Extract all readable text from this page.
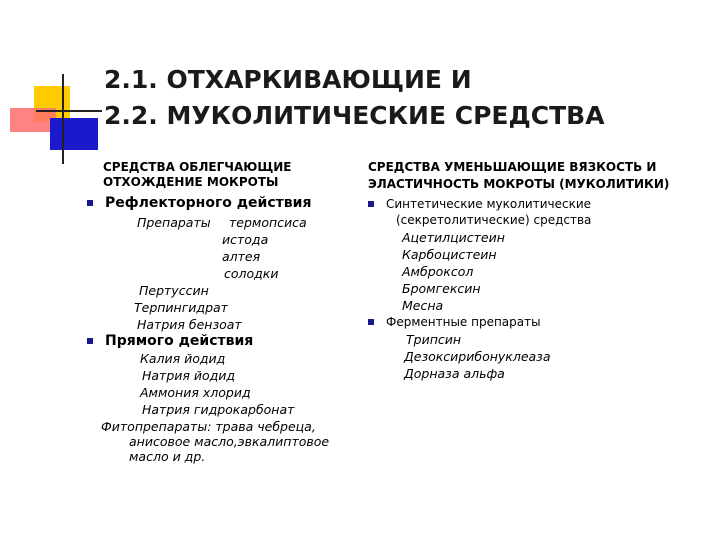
2.1. ОТХАРКИВАЮЩИЕ И
2.2. МУКОЛИТИЧЕСКИЕ СРЕДСТВА
СРЕДСТВА ОБЛЕГЧАЮЩИЕ
ОТХОЖДЕНИЕ МОКРОТЫ
Рефлекторного действия
Препараты термопсиса
истода
алтея
солодки
Пертуссин
Терпингидрат
Натрия бензоат
Прямого действия
Калия йодид
Натрия йодид
Аммония хлорид
Натрия гидрокарбонат
Фитопрепараты: трава чебреца,
анисовое масло,эвкалиптовое
масло и др.
СРЕДСТВА УМЕНЬШАЮЩИЕ ВЯЗКОСТЬ И
ЭЛАСТИЧНОСТЬ МОКРОТЫ (МУКОЛИТИКИ)
Синтетические муколитические
(секретолитические) средства
Ацетилцистеин
Карбоцистеин
Амброксол
Бромгексин
Месна
Ферментные препараты
Трипсин
Дезоксирибонуклеаза
Дорназа альфа
